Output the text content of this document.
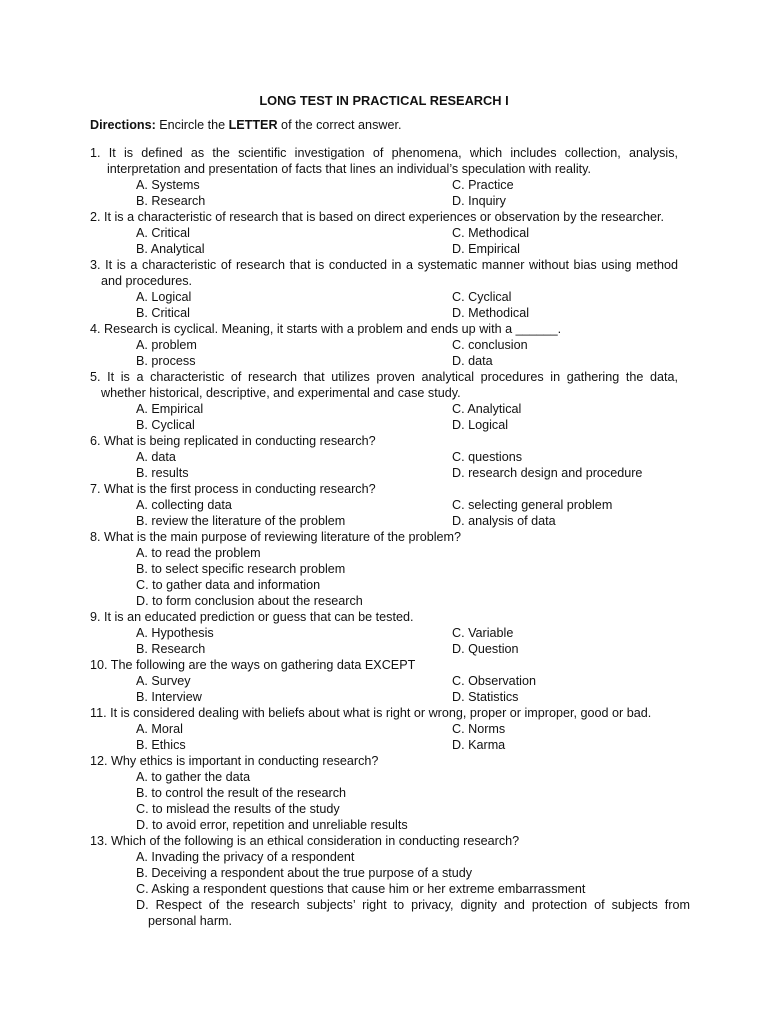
LONG TEST IN PRACTICAL RESEARCH I
Directions: Encircle the LETTER of the correct answer.
1. It is defined as the scientific investigation of phenomena, which includes collection, analysis, interpretation and presentation of facts that lines an individual’s speculation with reality.
A. Systems	C. Practice
B. Research	D. Inquiry
2. It is a characteristic of research that is based on direct experiences or observation by the researcher.
A. Critical	C. Methodical
B. Analytical	D. Empirical
3. It is a characteristic of research that is conducted in a systematic manner without bias using method and procedures.
A. Logical	C. Cyclical
B. Critical	D. Methodical
4. Research is cyclical. Meaning, it starts with a problem and ends up with a ______.
A. problem	C. conclusion
B. process	D. data
5. It is a characteristic of research that utilizes proven analytical procedures in gathering the data, whether historical, descriptive, and experimental and case study.
A. Empirical	C. Analytical
B. Cyclical	D. Logical
6. What is being replicated in conducting research?
A. data	C. questions
B. results	D. research design and procedure
7. What is the first process in conducting research?
A. collecting data	C. selecting general problem
B. review the literature of the problem	D. analysis of data
8. What is the main purpose of reviewing literature of the problem?
A. to read the problem
B. to select specific research problem
C. to gather data and information
D. to form conclusion about the research
9. It is an educated prediction or guess that can be tested.
A. Hypothesis	C. Variable
B. Research	D. Question
10. The following are the ways on gathering data EXCEPT
A. Survey	C. Observation
B. Interview	D. Statistics
11. It is considered dealing with beliefs about what is right or wrong, proper or improper, good or bad.
A. Moral	C. Norms
B. Ethics	D. Karma
12. Why ethics is important in conducting research?
A. to gather the data
B. to control the result of the research
C. to mislead the results of the study
D. to avoid error, repetition and unreliable results
13. Which of the following is an ethical consideration in conducting research?
A. Invading the privacy of a respondent
B. Deceiving a respondent about the true purpose of a study
C. Asking a respondent questions that cause him or her extreme embarrassment
D. Respect of the research subjects’ right to privacy, dignity and protection of subjects from personal harm.
